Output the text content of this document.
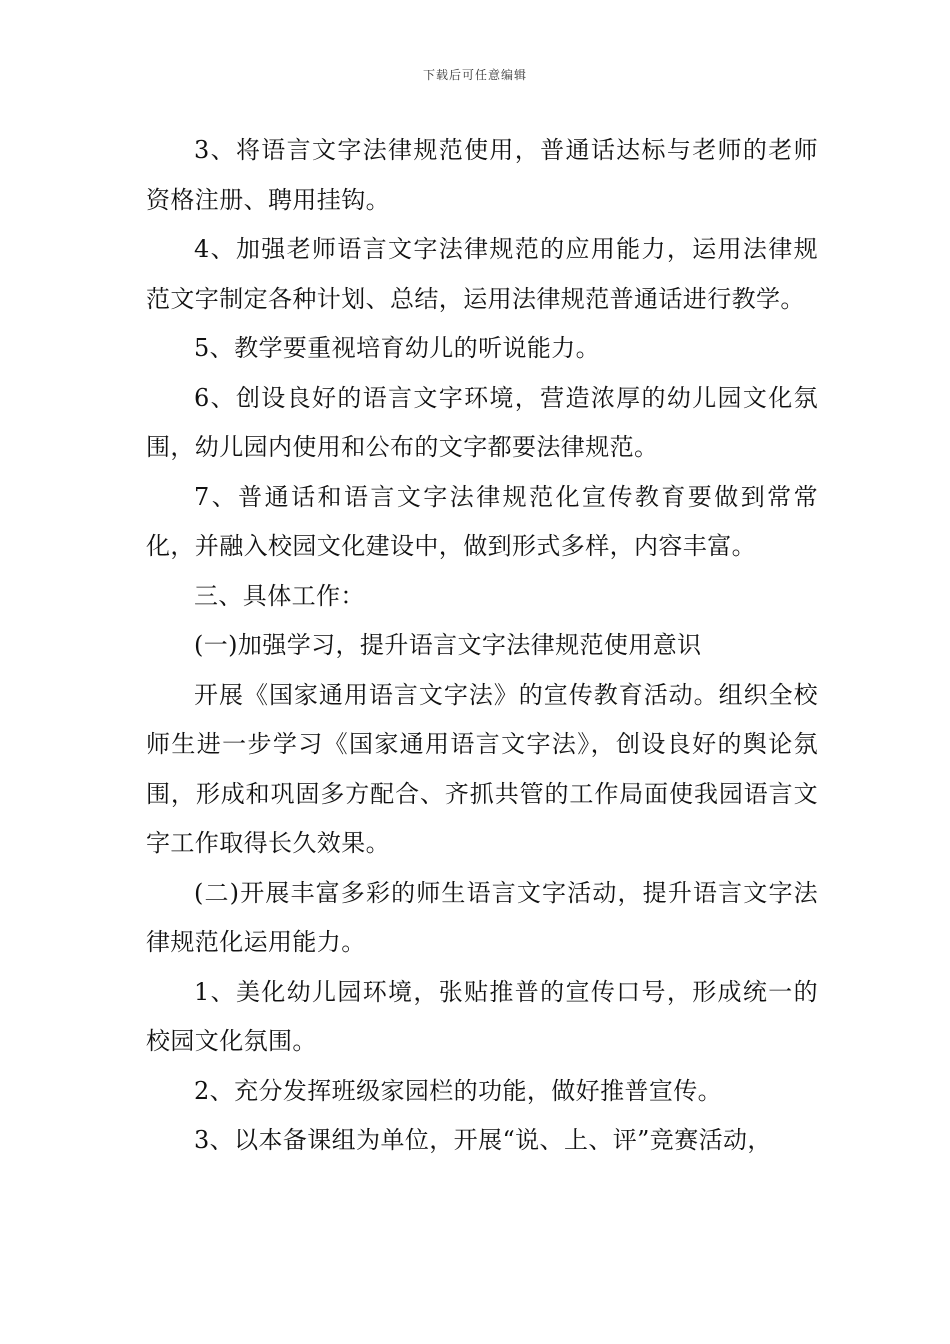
下载后可任意编辑

3、将语言文字法律规范使用，普通话达标与老师的老师资格注册、聘用挂钩。

4、加强老师语言文字法律规范的应用能力，运用法律规范文字制定各种计划、总结，运用法律规范普通话进行教学。

5、教学要重视培育幼儿的听说能力。

6、创设良好的语言文字环境，营造浓厚的幼儿园文化氛围，幼儿园内使用和公布的文字都要法律规范。

7、普通话和语言文字法律规范化宣传教育要做到常常化，并融入校园文化建设中，做到形式多样，内容丰富。

三、具体工作：

(一)加强学习，提升语言文字法律规范使用意识

开展《国家通用语言文字法》的宣传教育活动。组织全校师生进一步学习《国家通用语言文字法》，创设良好的舆论氛围，形成和巩固多方配合、齐抓共管的工作局面使我园语言文字工作取得长久效果。

(二)开展丰富多彩的师生语言文字活动，提升语言文字法律规范化运用能力。

1、美化幼儿园环境，张贴推普的宣传口号，形成统一的校园文化氛围。

2、充分发挥班级家园栏的功能，做好推普宣传。

3、以本备课组为单位，开展“说、上、评”竞赛活动，
